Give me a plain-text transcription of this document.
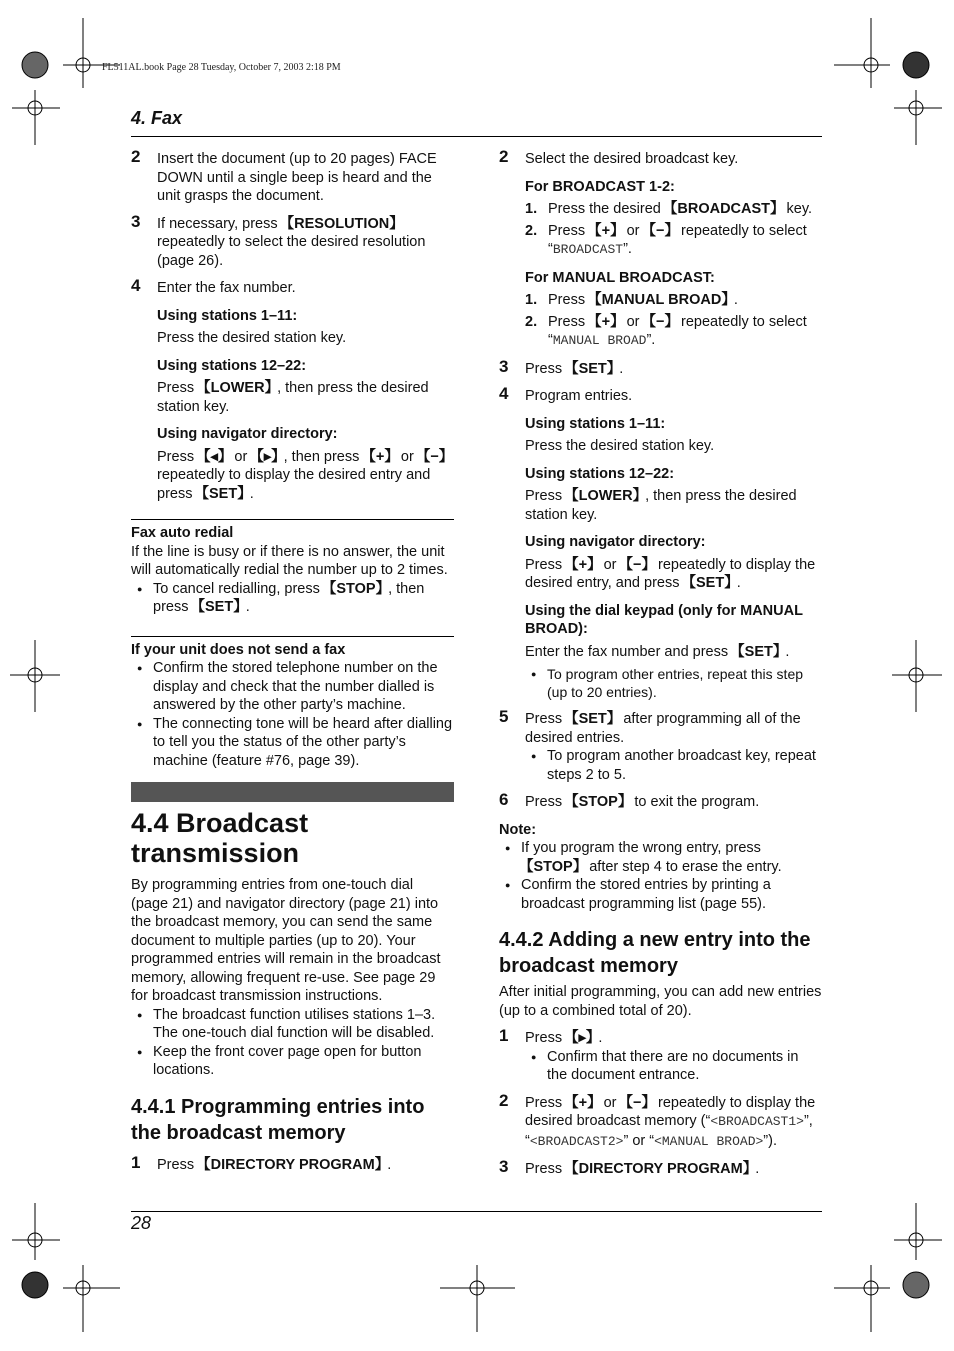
FL511AL.book Page 28 Tuesday, October 7, 2003 2:18 PM
4. Fax
2 Insert the document (up to 20 pages) FACE DOWN until a single beep is heard and the unit grasps the document.
3 If necessary, press 【 RESOLUTION 】 repeatedly to select the desired resolution (page 26).
4 Enter the fax number.
Using stations 1–11:
Press the desired station key.
Using stations 12–22:
Press 【 LOWER 】 , then press the desired station key.
Using navigator directory:
Press 【 ◂ 】 or 【 ▸ 】 , then press 【 + 】 or 【 − 】 repeatedly to display the desired entry and press 【 SET 】 .
Fax auto redial
If the line is busy or if there is no answer, the unit will automatically redial the number up to 2 times.
● To cancel redialling, press 【 STOP 】 , then press 【 SET 】 .
If your unit does not send a fax
● Confirm the stored telephone number on the display and check that the number dialled is answered by the other party’s machine.
● The connecting tone will be heard after dialling to tell you the status of the other party’s machine (feature #76, page 39).
4.4 Broadcast transmission
By programming entries from one-touch dial (page 21) and navigator directory (page 21) into the broadcast memory, you can send the same document to multiple parties (up to 20). Your programmed entries will remain in the broadcast memory, allowing frequent re-use. See page 29 for broadcast transmission instructions.
● The broadcast function utilises stations 1–3. The one-touch dial function will be disabled.
● Keep the front cover page open for button locations.
4.4.1 Programming entries into the broadcast memory
1 Press 【 DIRECTORY PROGRAM 】 .
2 Select the desired broadcast key.
For BROADCAST 1-2:
1. Press the desired 【 BROADCAST 】 key.
2. Press 【 + 】 or 【 − 】 repeatedly to select “BROADCAST”.
For MANUAL BROADCAST:
1. Press 【 MANUAL BROAD 】 .
2. Press 【 + 】 or 【 − 】 repeatedly to select “MANUAL BROAD”.
3 Press 【 SET 】 .
4 Program entries.
Using stations 1–11:
Press the desired station key.
Using stations 12–22:
Press 【 LOWER 】 , then press the desired station key.
Using navigator directory:
Press 【 + 】 or 【 − 】 repeatedly to display the desired entry, and press 【 SET 】 .
Using the dial keypad (only for MANUAL BROAD):
Enter the fax number and press 【 SET 】 .
● To program other entries, repeat this step (up to 20 entries).
5 Press 【 SET 】 after programming all of the desired entries.
● To program another broadcast key, repeat steps 2 to 5.
6 Press 【 STOP 】 to exit the program.
Note:
● If you program the wrong entry, press 【 STOP 】 after step 4 to erase the entry.
● Confirm the stored entries by printing a broadcast programming list (page 55).
4.4.2 Adding a new entry into the broadcast memory
After initial programming, you can add new entries (up to a combined total of 20).
1 Press 【 ▸ 】 .
● Confirm that there are no documents in the document entrance.
2 Press 【 + 】 or 【 − 】 repeatedly to display the desired broadcast memory (“<BROADCAST1>”, “<BROADCAST2>” or “<MANUAL BROAD>”).
3 Press 【 DIRECTORY PROGRAM 】 .
28
